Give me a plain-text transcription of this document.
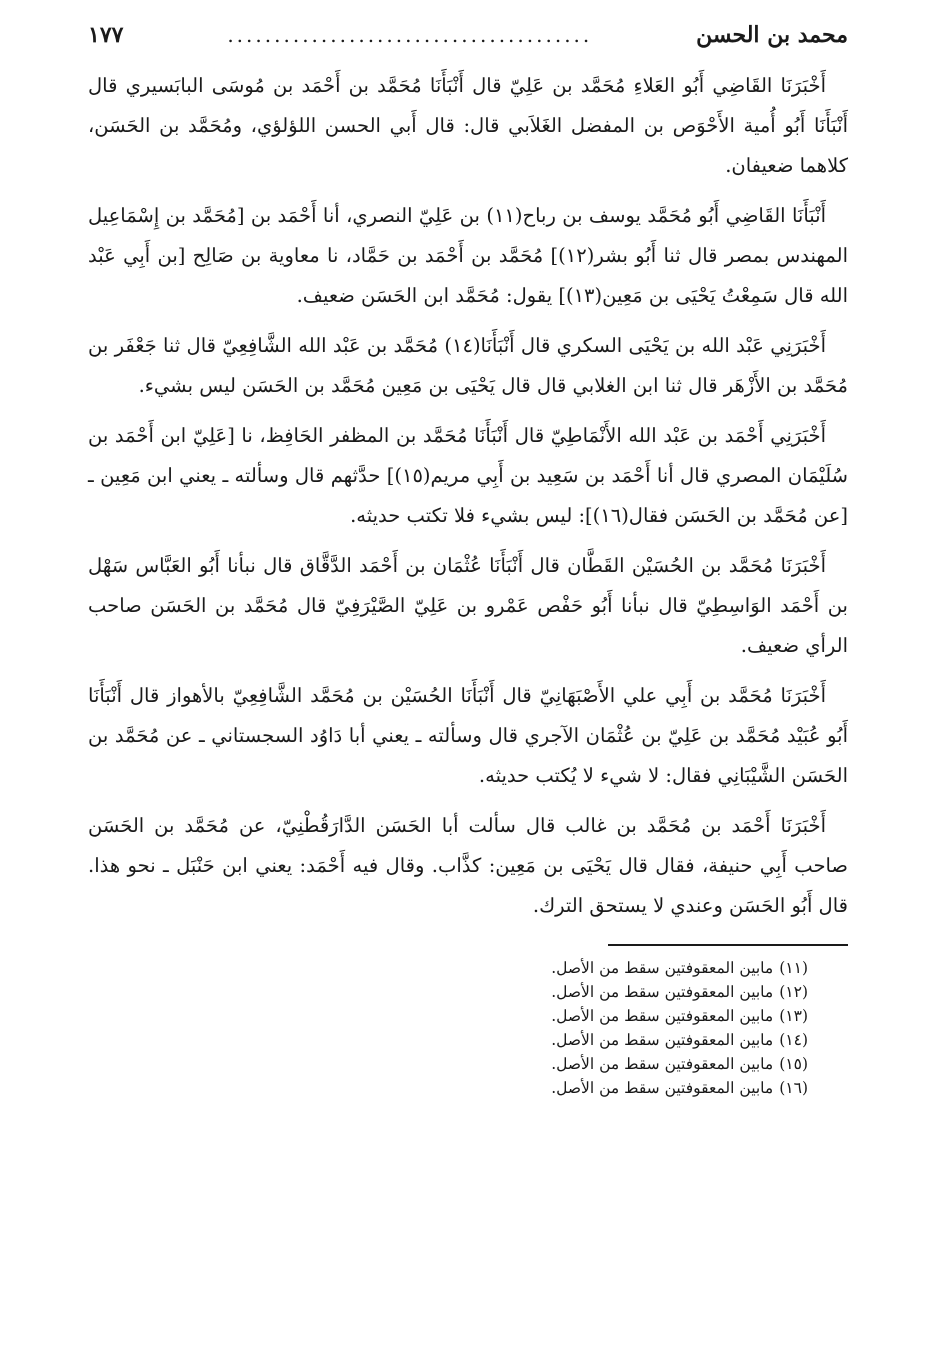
محمد بن الحسن
.......................................
١٧٧

أَخْبَرَنَا القَاضِي أَبُو العَلاءِ مُحَمَّد بن عَلِيّ قال أَنْبَأَنَا مُحَمَّد بن أَحْمَد بن مُوسَى البابَسيري قال أَنْبَأَنَا أَبُو أُمية الأَحْوَص بن المفضل الغَلاَبي قال: قال أَبي الحسن اللؤلؤي، ومُحَمَّد بن الحَسَن، كلاهما ضعيفان.

أَنْبَأَنَا القَاضِي أَبُو مُحَمَّد يوسف بن رباح(١١) بن عَلِيّ النصري، أنا أَحْمَد بن [مُحَمَّد بن إِسْمَاعِيل المهندس بمصر قال ثنا أَبُو بشر(١٢)] مُحَمَّد بن أَحْمَد بن حَمَّاد، نا معاوية بن صَالِح [بن أَبِي عَبْد الله قال سَمِعْتُ يَحْيَى بن مَعِين(١٣)] يقول: مُحَمَّد ابن الحَسَن ضعيف.

أَخْبَرَنِي عَبْد الله بن يَحْيَى السكري قال أَنْبَأَنَا(١٤) مُحَمَّد بن عَبْد الله الشَّافِعِيّ قال ثنا جَعْفَر بن مُحَمَّد بن الأَزْهَر قال ثنا ابن الغلابي قال قال يَحْيَى بن مَعِين مُحَمَّد بن الحَسَن ليس بشيء.

أَخْبَرَنِي أَحْمَد بن عَبْد الله الأَنْمَاطِيّ قال أَنْبَأَنَا مُحَمَّد بن المظفر الحَافِظ، نا [عَلِيّ ابن أَحْمَد بن سُلَيْمَان المصري قال أنا أَحْمَد بن سَعِيد بن أَبِي مريم(١٥)] حدَّثهم قال وسألته ـ يعني ابن مَعِين ـ [عن مُحَمَّد بن الحَسَن فقال(١٦)]: ليس بشيء فلا تكتب حديثه.

أَخْبَرَنَا مُحَمَّد بن الحُسَيْن القَطَّان قال أَنْبَأَنَا عُثْمَان بن أَحْمَد الدَّقَّاق قال نبأنا أَبُو العَبَّاس سَهْل بن أَحْمَد الوَاسِطِيّ قال نبأنا أَبُو حَفْص عَمْرو بن عَلِيّ الصَّيْرَفِيّ قال مُحَمَّد بن الحَسَن صاحب الرأي ضعيف.

أَخْبَرَنَا مُحَمَّد بن أَبِي علي الأَصْبَهَانِيّ قال أَنْبَأَنَا الحُسَيْن بن مُحَمَّد الشَّافِعِيّ بالأهواز قال أَنْبَأَنَا أَبُو عُبَيْد مُحَمَّد بن عَلِيّ بن عُثْمَان الآجري قال وسألته ـ يعني أبا دَاوُد السجستاني ـ عن مُحَمَّد بن الحَسَن الشَّيْبَانِي فقال: لا شيء لا يُكتب حديثه.

أَخْبَرَنَا أَحْمَد بن مُحَمَّد بن غالب قال سألت أبا الحَسَن الدَّارَقُطْنِيّ، عن مُحَمَّد بن الحَسَن صاحب أَبِي حنيفة، فقال قال يَحْيَى بن مَعِين: كذَّاب. وقال فيه أَحْمَد: يعني ابن حَنْبَل ـ نحو هذا. قال أَبُو الحَسَن وعندي لا يستحق الترك.

(١١)مابين المعقوفتين سقط من الأصل.

(١٢)مابين المعقوفتين سقط من الأصل.

(١٣)مابين المعقوفتين سقط من الأصل.

(١٤)مابين المعقوفتين سقط من الأصل.

(١٥)مابين المعقوفتين سقط من الأصل.

(١٦)مابين المعقوفتين سقط من الأصل.
